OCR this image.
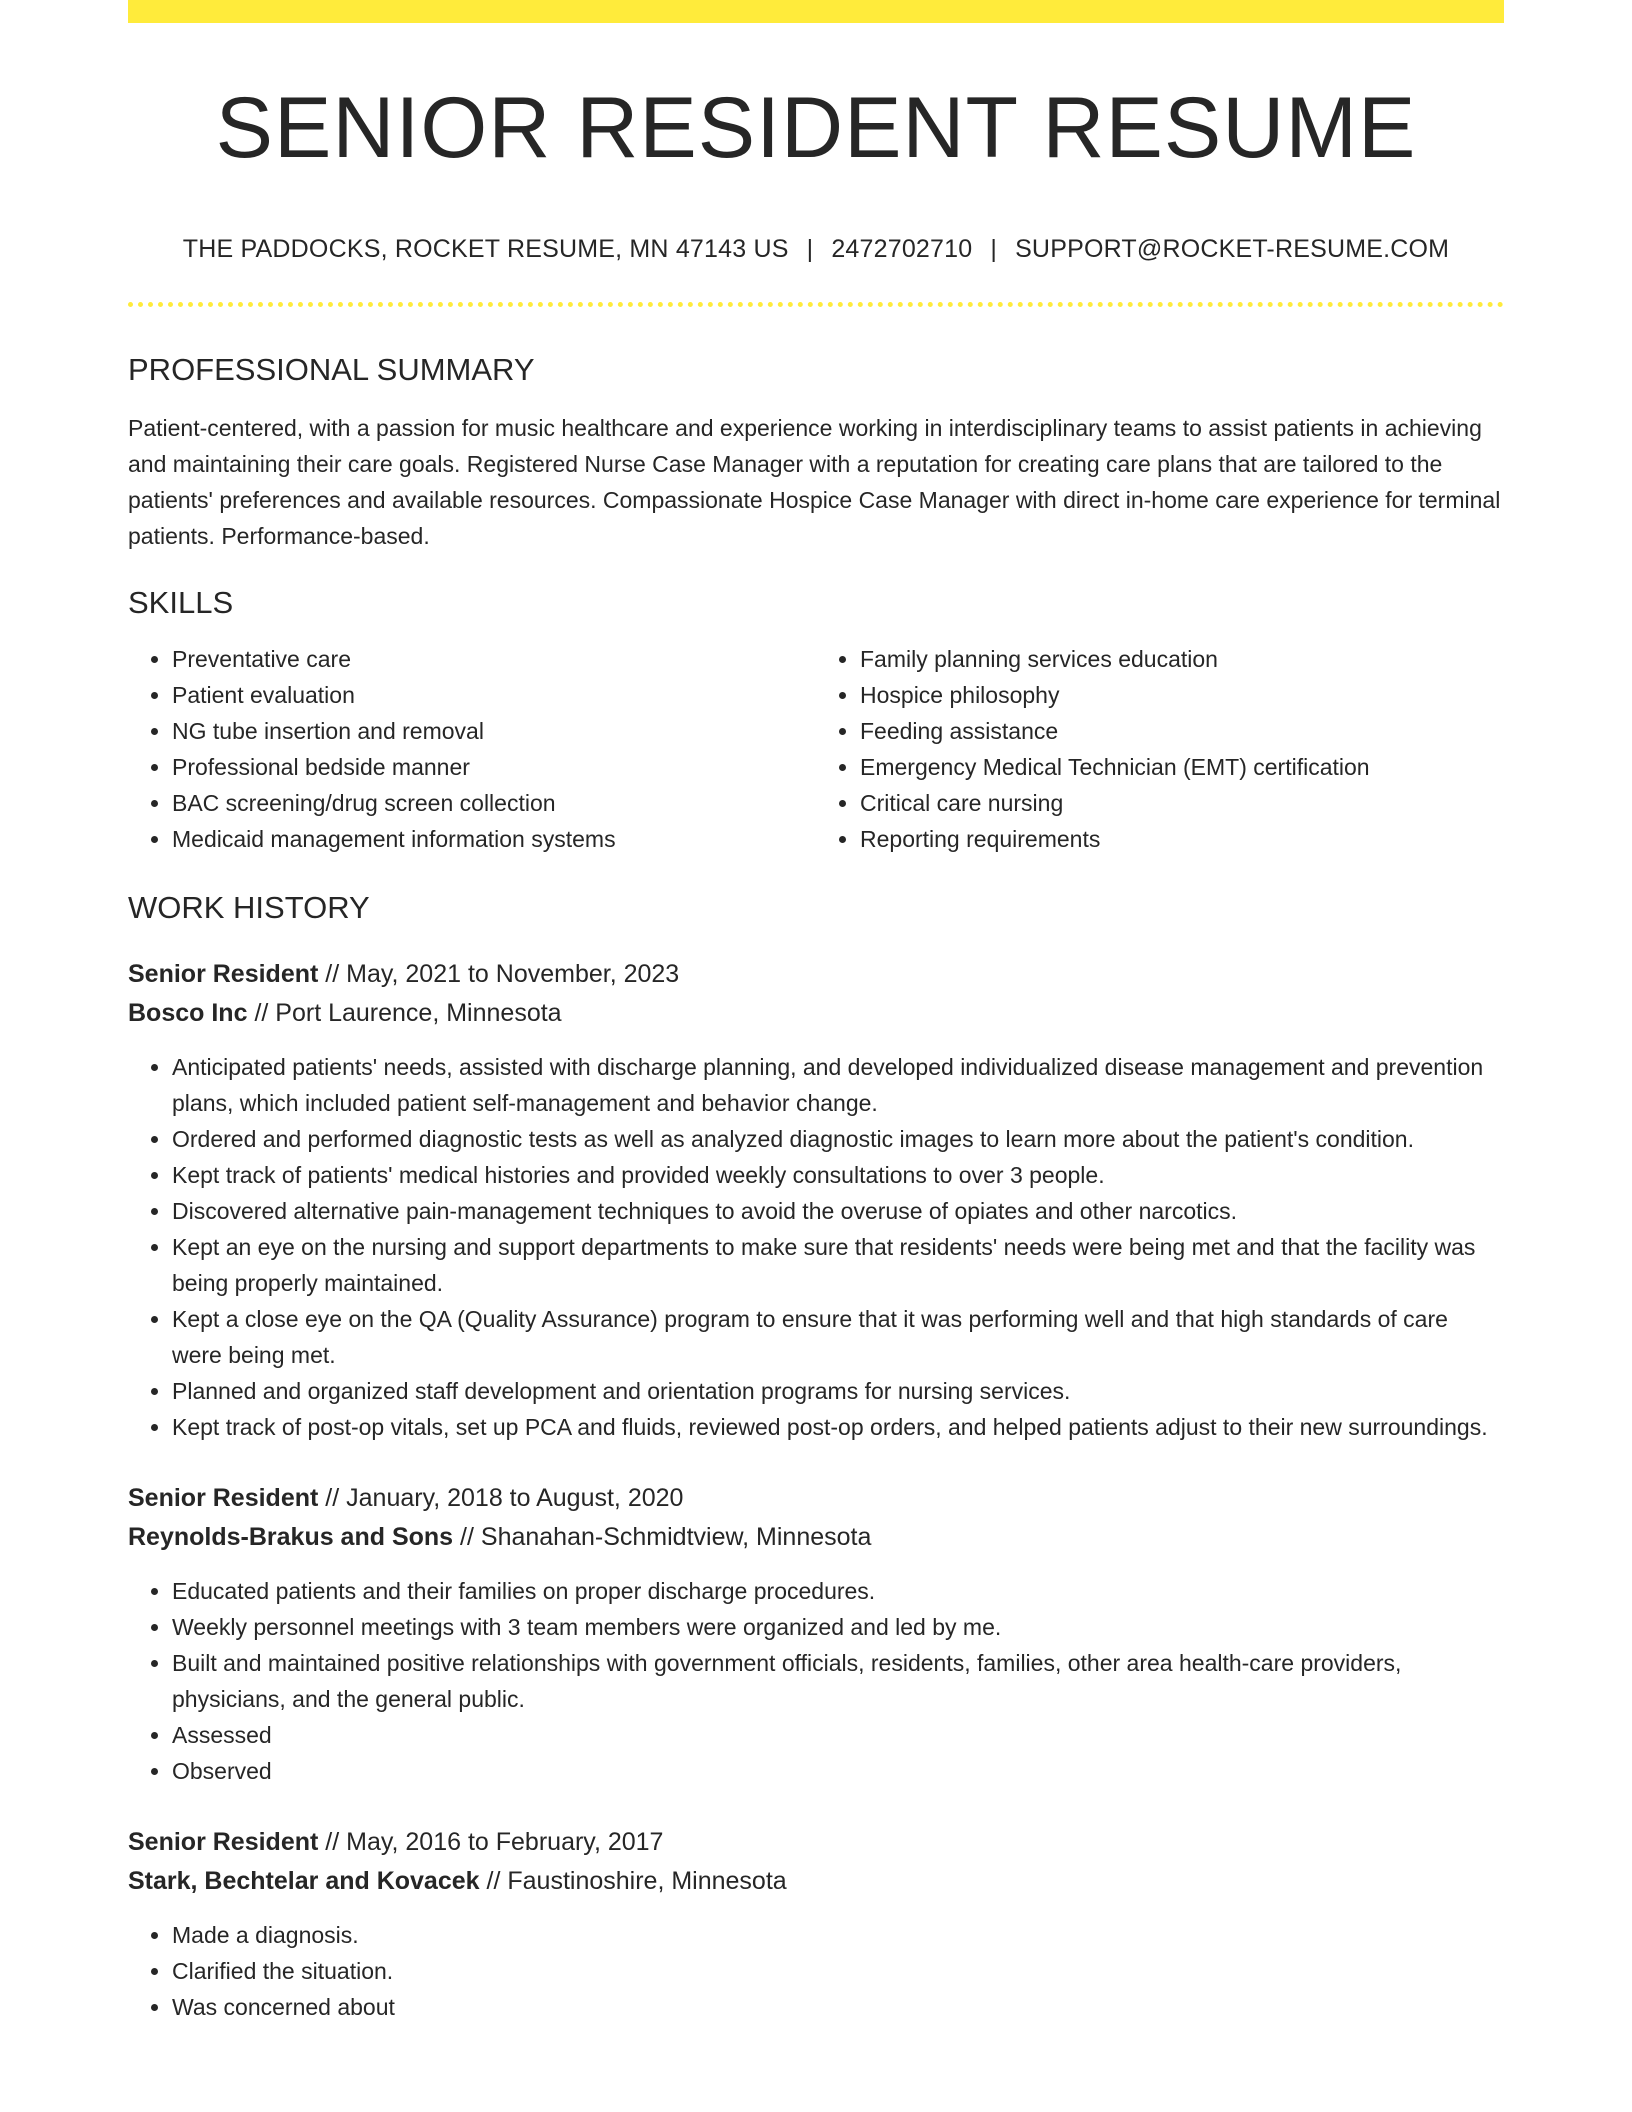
SENIOR RESIDENT RESUME
THE PADDOCKS, ROCKET RESUME, MN 47143 US | 2472702710 | SUPPORT@ROCKET-RESUME.COM
PROFESSIONAL SUMMARY
Patient-centered, with a passion for music healthcare and experience working in interdisciplinary teams to assist patients in achieving and maintaining their care goals. Registered Nurse Case Manager with a reputation for creating care plans that are tailored to the patients' preferences and available resources. Compassionate Hospice Case Manager with direct in-home care experience for terminal patients. Performance-based.
SKILLS
• Preventative care
• Patient evaluation
• NG tube insertion and removal
• Professional bedside manner
• BAC screening/drug screen collection
• Medicaid management information systems
• Family planning services education
• Hospice philosophy
• Feeding assistance
• Emergency Medical Technician (EMT) certification
• Critical care nursing
• Reporting requirements
WORK HISTORY
Senior Resident // May, 2021 to November, 2023
Bosco Inc // Port Laurence, Minnesota
• Anticipated patients' needs, assisted with discharge planning, and developed individualized disease management and prevention plans, which included patient self-management and behavior change.
• Ordered and performed diagnostic tests as well as analyzed diagnostic images to learn more about the patient's condition.
• Kept track of patients' medical histories and provided weekly consultations to over 3 people.
• Discovered alternative pain-management techniques to avoid the overuse of opiates and other narcotics.
• Kept an eye on the nursing and support departments to make sure that residents' needs were being met and that the facility was being properly maintained.
• Kept a close eye on the QA (Quality Assurance) program to ensure that it was performing well and that high standards of care were being met.
• Planned and organized staff development and orientation programs for nursing services.
• Kept track of post-op vitals, set up PCA and fluids, reviewed post-op orders, and helped patients adjust to their new surroundings.
Senior Resident // January, 2018 to August, 2020
Reynolds-Brakus and Sons // Shanahan-Schmidtview, Minnesota
• Educated patients and their families on proper discharge procedures.
• Weekly personnel meetings with 3 team members were organized and led by me.
• Built and maintained positive relationships with government officials, residents, families, other area health-care providers, physicians, and the general public.
• Assessed
• Observed
Senior Resident // May, 2016 to February, 2017
Stark, Bechtelar and Kovacek // Faustinoshire, Minnesota
• Made a diagnosis.
• Clarified the situation.
• Was concerned about
